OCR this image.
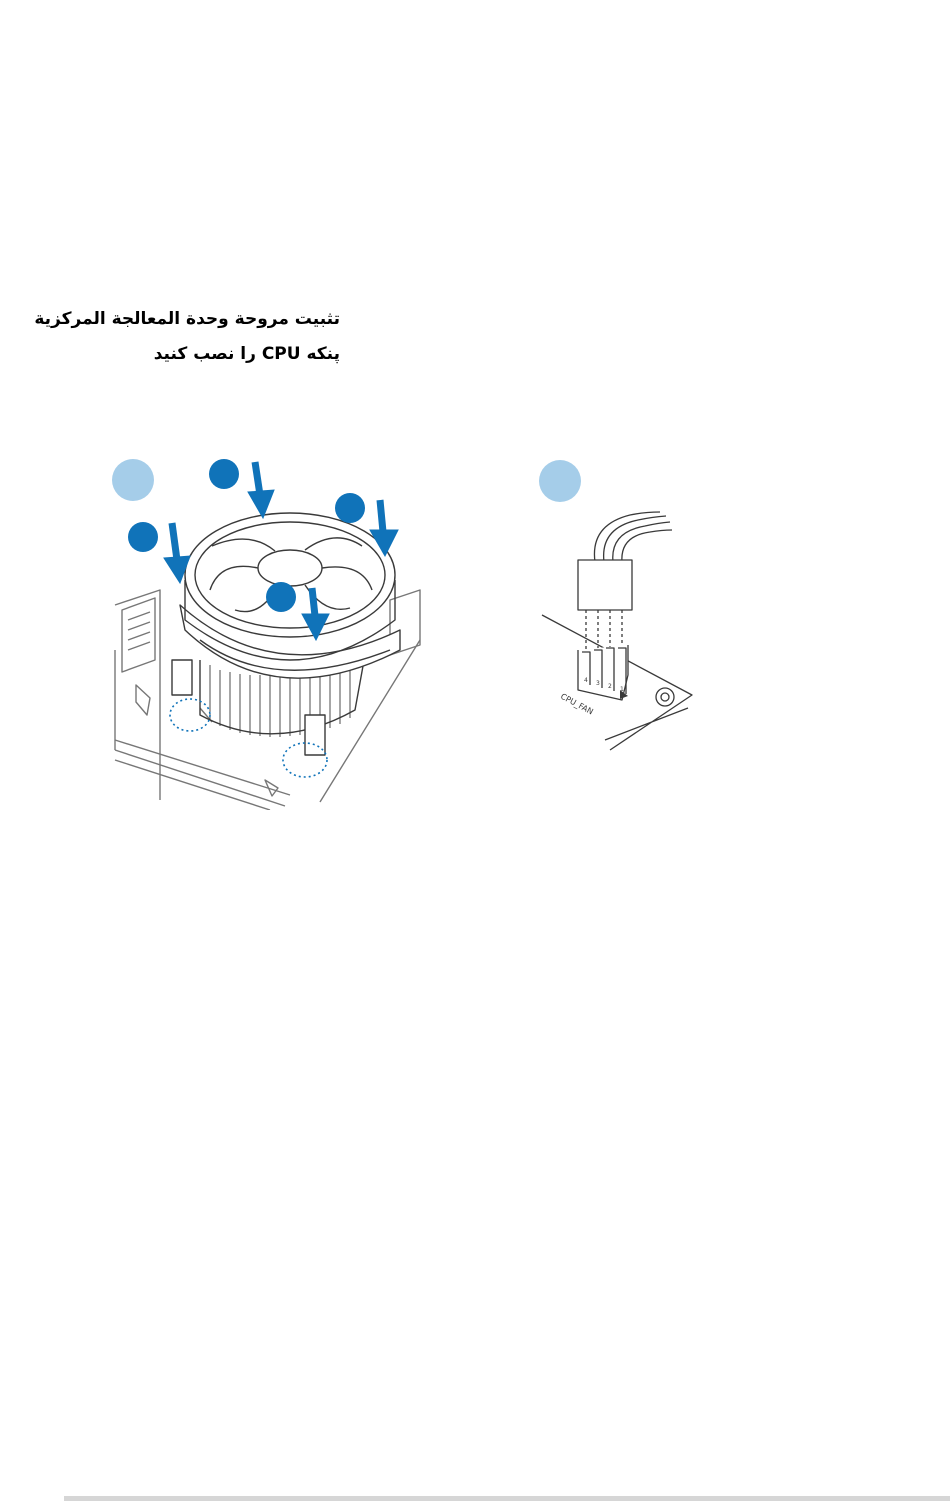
تثبيت مروحة وحدة المعالجة المركزية
پنکه CPU را نصب کنید
4 3 2 1
CPU_FAN
